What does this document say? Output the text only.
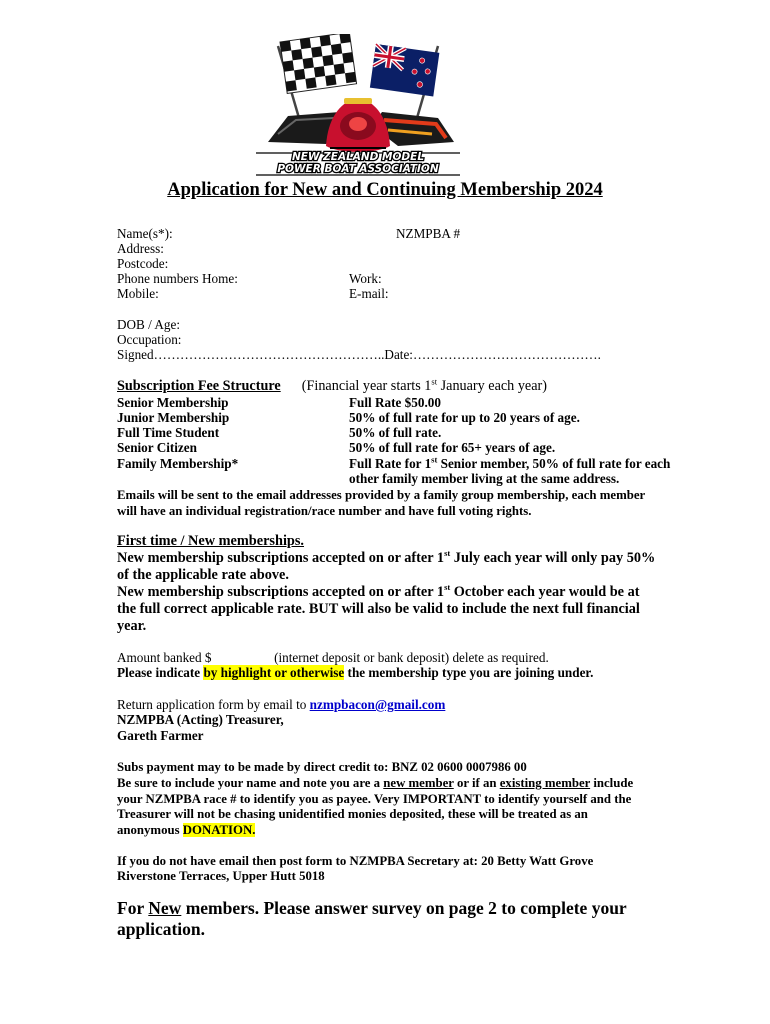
NEW ZEALAND MODEL
POWER BOAT ASSOCIATION
Application for New and Continuing Membership 2024
Name(s*):	NZMPBA #
Address:
Postcode:
Phone numbers Home:	Work:
Mobile:	E-mail:
DOB / Age:
Occupation:
Signed……………………………………………..Date:…………………………………….
Subscription Fee Structure (Financial year starts 1st January each year)
Senior Membership	Full Rate $50.00
Junior Membership	50% of full rate for up to 20 years of age.
Full Time Student	50% of full rate.
Senior Citizen	50% of full rate for 65+ years of age.
Family Membership*	Full Rate for 1st Senior member, 50% of full rate for each
other family member living at the same address.
Emails will be sent to the email addresses provided by a family group membership, each member
will have an individual registration/race number and have full voting rights.
First time / New memberships.
New membership subscriptions accepted on or after 1st July each year will only pay 50%
of the applicable rate above.
New membership subscriptions accepted on or after 1st October each year would be at
the full correct applicable rate. BUT will also be valid to include the next full financial
year.
Amount banked $	(internet deposit or bank deposit) delete as required.
Please indicate by highlight or otherwise the membership type you are joining under.
Return application form by email to nzmpbacon@gmail.com
NZMPBA (Acting) Treasurer,
Gareth Farmer
Subs payment may to be made by direct credit to: BNZ 02 0600 0007986 00
Be sure to include your name and note you are a new member or if an existing member include
your NZMPBA race # to identify you as payee. Very IMPORTANT to identify yourself and the
Treasurer will not be chasing unidentified monies deposited, these will be treated as an
anonymous DONATION.
If you do not have email then post form to NZMPBA Secretary at: 20 Betty Watt Grove
Riverstone Terraces, Upper Hutt 5018
For New members. Please answer survey on page 2 to complete your
application.
